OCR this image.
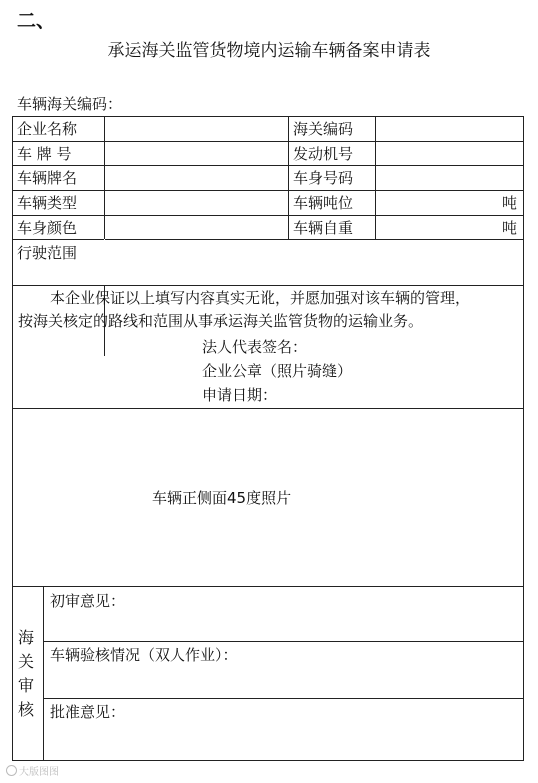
二、
承运海关监管货物境内运输车辆备案申请表
车辆海关编码：
企业名称	海关编码
车 牌 号	发动机号
车辆牌名	车身号码
车辆类型	车辆吨位	吨
车身颜色	车辆自重	吨
行驶范围

本企业保证以上填写内容真实无讹，并愿加强对该车辆的管理，

按海关核定的路线和范围从事承运海关监管货物的运输业务。

法人代表签名：
企业公章（照片骑缝）
申请日期：
车辆正侧面45度照片
海
关
审
核
初审意见：
车辆验核情况（双人作业）：
批准意见：
大版图图
